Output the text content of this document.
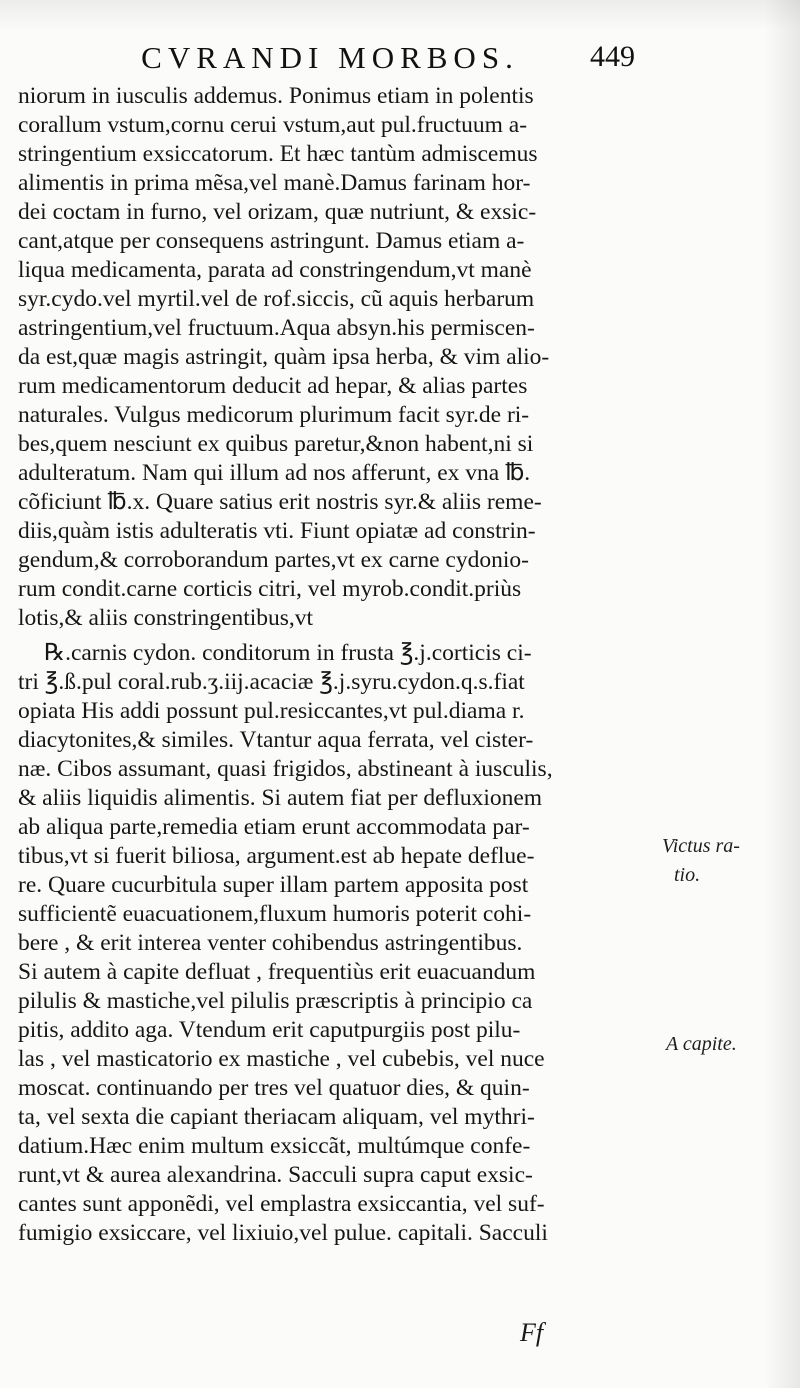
CVRANDI MORBOS.	449
niorum in iusculis addemus. Ponimus etiam in polentis
corallum vstum,cornu cerui vstum,aut pul.fructuum a-
stringentium exsiccatorum. Et hæc tantùm admiscemus
alimentis in prima mẽsa,vel manè.Damus farinam hor-
dei coctam in furno, vel orizam, quæ nutriunt, & exsic-
cant,atque per consequens astringunt. Damus etiam a-
liqua medicamenta, parata ad constringendum,vt manè
syr.cydo.vel myrtil.vel de rof.siccis, cũ aquis herbarum
astringentium,vel fructuum.Aqua absyn.his permiscen-
da est,quæ magis astringit, quàm ipsa herba, & vim alio-
rum medicamentorum deducit ad hepar, & alias partes
naturales. Vulgus medicorum plurimum facit syr.de ri-
bes,quem nesciunt ex quibus paretur,&non habent,ni si
adulteratum. Nam qui illum ad nos afferunt, ex vna ℔.
cõficiunt ℔.x. Quare satius erit nostris syr.& aliis reme-
diis,quàm istis adulteratis vti. Fiunt opiatæ ad constrin-
gendum,& corroborandum partes,vt ex carne cydonio-
rum condit.carne corticis citri, vel myrob.condit.priùs
lotis,& aliis constringentibus,vt
℞.carnis cydon. conditorum in frusta ℥.j.corticis ci-
tri ℥.ß.pul coral.rub.ʒ.iij.acaciæ ℥.j.syru.cydon.q.s.fiat
opiata His addi possunt pul.resiccantes,vt pul.diama r.
diacytonites,& similes. Vtantur aqua ferrata, vel cister-
næ. Cibos assumant, quasi frigidos, abstineant à iusculis,
& aliis liquidis alimentis. Si autem fiat per defluxionem
ab aliqua parte,remedia etiam erunt accommodata par-
tibus,vt si fuerit biliosa, argument.est ab hepate deflue-
re. Quare cucurbitula super illam partem apposita post
sufficientẽ euacuationem,fluxum humoris poterit cohi-
bere , & erit interea venter cohibendus astringentibus.
Si autem à capite defluat , frequentiùs erit euacuandum
pilulis & mastiche,vel pilulis præscriptis à principio ca
pitis, addito aga. Vtendum erit caputpurgiis post pilu-
las , vel masticatorio ex mastiche , vel cubebis, vel nuce
moscat. continuando per tres vel quatuor dies, & quin-
ta, vel sexta die capiant theriacam aliquam, vel mythri-
datium.Hæc enim multum exsiccãt, multúmque confe-
runt,vt & aurea alexandrina. Sacculi supra caput exsic-
cantes sunt apponẽdi, vel emplastra exsiccantia, vel suf-
fumigio exsiccare, vel lixiuio,vel pulue. capitali. Sacculi
Victus ra-
tio.
A capite.
Ff
